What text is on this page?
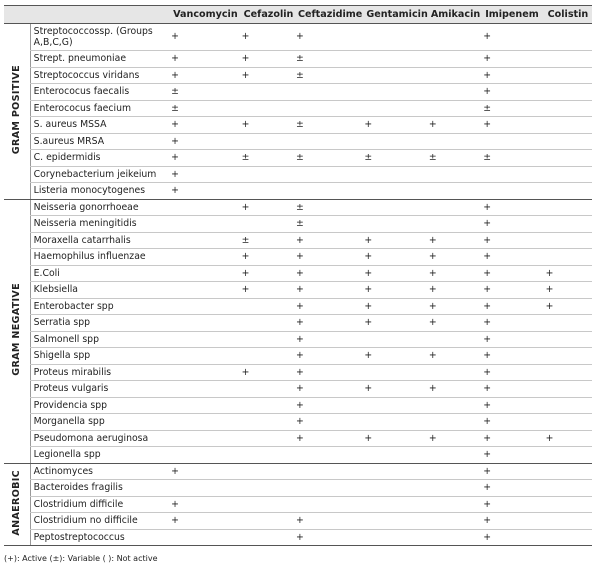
		Vancomycin	Cefazolin	Ceftazidime	Gentamicin	Amikacin	Imipenem	Colistin
GRAM POSITIVE	Streptococcossp. (Groups A,B,C,G)	+	+	+			+	
	Strept. pneumoniae	+	+	±			+	
	Streptococcus viridans	+	+	±			+	
	Enterococus faecalis	±					+	
	Enterococus faecium	±					±	
	S. aureus MSSA	+	+	±	+	+	+	
	S.aureus MRSA	+						
	C. epidermidis	+	±	±	±	±	±	
	Corynebacterium jeikeium	+						
	Listeria monocytogenes	+						
GRAM NEGATIVE	Neisseria gonorrhoeae		+	±			+	
	Neisseria meningitidis			±			+	
	Moraxella catarrhalis		±	+	+	+	+	
	Haemophilus influenzae		+	+	+	+	+	
	E.Coli		+	+	+	+	+	+
	Klebsiella		+	+	+	+	+	+
	Enterobacter spp			+	+	+	+	+
	Serratia spp			+	+	+	+	
	Salmonell spp			+			+	
	Shigella spp			+	+	+	+	
	Proteus mirabilis		+	+			+	
	Proteus vulgaris			+	+	+	+	
	Providencia spp			+			+	
	Morganella spp			+			+	
	Pseudomona aeruginosa			+	+	+	+	+
	Legionella spp						+	
ANAEROBIC	Actinomyces	+					+	
	Bacteroides fragilis						+	
	Clostridium difficile	+					+	
	Clostridium no difficile	+		+			+	
	Peptostreptococcus			+			+	
(+): Active (±): Variable ( ): Not active
